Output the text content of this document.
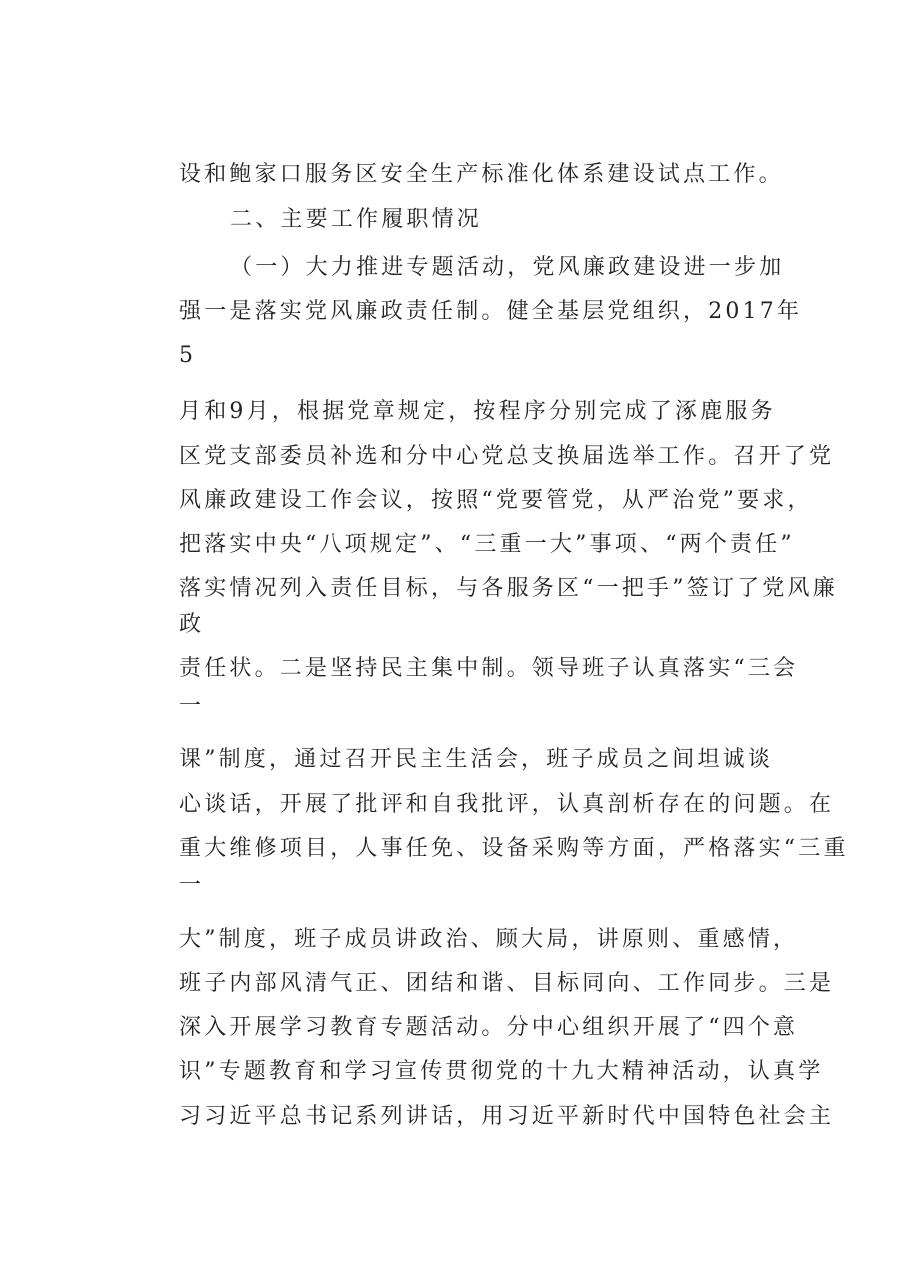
设和鲍家口服务区安全生产标准化体系建设试点工作。
二、主要工作履职情况
（一）大力推进专题活动，党风廉政建设进一步加
强一是落实党风廉政责任制。健全基层党组织，2017年
5
月和9月，根据党章规定，按程序分别完成了涿鹿服务
区党支部委员补选和分中心党总支换届选举工作。召开了党
风廉政建设工作会议，按照“党要管党，从严治党”要求，
把落实中央“八项规定”、“三重一大”事项、“两个责任”
落实情况列入责任目标，与各服务区“一把手”签订了党风廉
政
责任状。二是坚持民主集中制。领导班子认真落实“三会
一
课”制度，通过召开民主生活会，班子成员之间坦诚谈
心谈话，开展了批评和自我批评，认真剖析存在的问题。在
重大维修项目，人事任免、设备采购等方面，严格落实“三重
一
大”制度，班子成员讲政治、顾大局，讲原则、重感情，
班子内部风清气正、团结和谐、目标同向、工作同步。三是
深入开展学习教育专题活动。分中心组织开展了“四个意
识”专题教育和学习宣传贯彻党的十九大精神活动，认真学
习习近平总书记系列讲话，用习近平新时代中国特色社会主
